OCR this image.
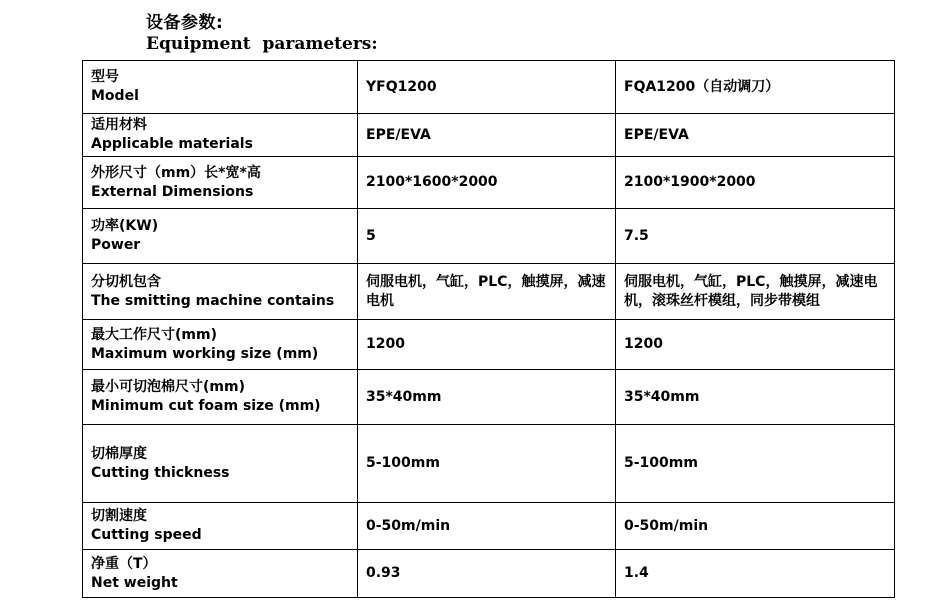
设备参数:
Equipment parameters:
型号
Model	YFQ1200	FQA1200（自动调刀）

适用材料
Applicable materials	EPE/EVA	EPE/EVA

外形尺寸（mm）长*宽*高
External Dimensions	2100*1600*2000	2100*1900*2000

功率(KW)
Power	5	7.5

分切机包含
The smitting machine contains	伺服电机，气缸，PLC，触摸屏，减速电机	伺服电机，气缸，PLC，触摸屏，减速电机，滚珠丝杆模组，同步带模组

最大工作尺寸(mm)
Maximum working size (mm)	1200	1200

最小可切泡棉尺寸(mm)
Minimum cut foam size (mm)	35*40mm	35*40mm

切棉厚度
Cutting thickness	5-100mm	5-100mm

切割速度
Cutting speed	0-50m/min	0-50m/min

净重（T）
Net weight	0.93	1.4
